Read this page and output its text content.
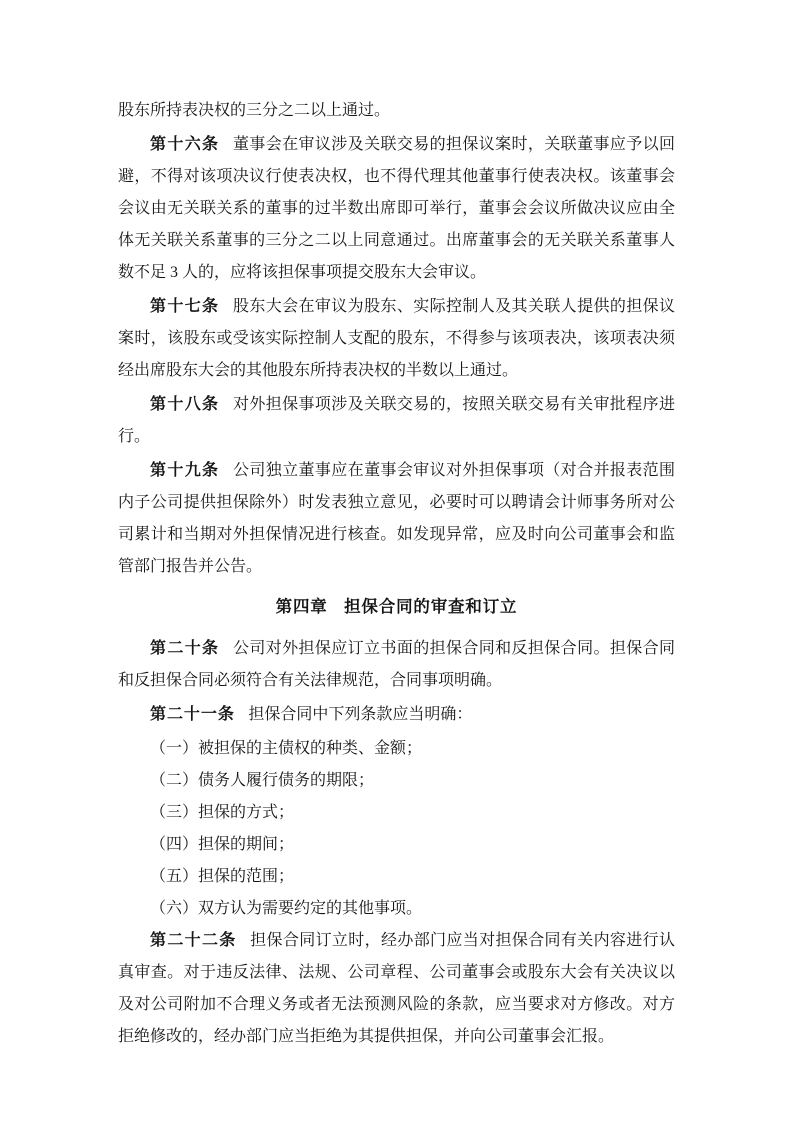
股东所持表决权的三分之二以上通过。

第十六条 董事会在审议涉及关联交易的担保议案时，关联董事应予以回避，不得对该项决议行使表决权，也不得代理其他董事行使表决权。该董事会会议由无关联关系的董事的过半数出席即可举行，董事会会议所做决议应由全体无关联关系董事的三分之二以上同意通过。出席董事会的无关联关系董事人数不足 3 人的，应将该担保事项提交股东大会审议。

第十七条 股东大会在审议为股东、实际控制人及其关联人提供的担保议案时，该股东或受该实际控制人支配的股东，不得参与该项表决，该项表决须经出席股东大会的其他股东所持表决权的半数以上通过。

第十八条 对外担保事项涉及关联交易的，按照关联交易有关审批程序进行。

第十九条 公司独立董事应在董事会审议对外担保事项（对合并报表范围内子公司提供担保除外）时发表独立意见，必要时可以聘请会计师事务所对公司累计和当期对外担保情况进行核查。如发现异常，应及时向公司董事会和监管部门报告并公告。

第四章 担保合同的审查和订立

第二十条 公司对外担保应订立书面的担保合同和反担保合同。担保合同和反担保合同必须符合有关法律规范，合同事项明确。

第二十一条 担保合同中下列条款应当明确：

（一）被担保的主债权的种类、金额；

（二）债务人履行债务的期限；

（三）担保的方式；

（四）担保的期间；

（五）担保的范围；

（六）双方认为需要约定的其他事项。

第二十二条 担保合同订立时，经办部门应当对担保合同有关内容进行认真审查。对于违反法律、法规、公司章程、公司董事会或股东大会有关决议以及对公司附加不合理义务或者无法预测风险的条款，应当要求对方修改。对方拒绝修改的，经办部门应当拒绝为其提供担保，并向公司董事会汇报。
